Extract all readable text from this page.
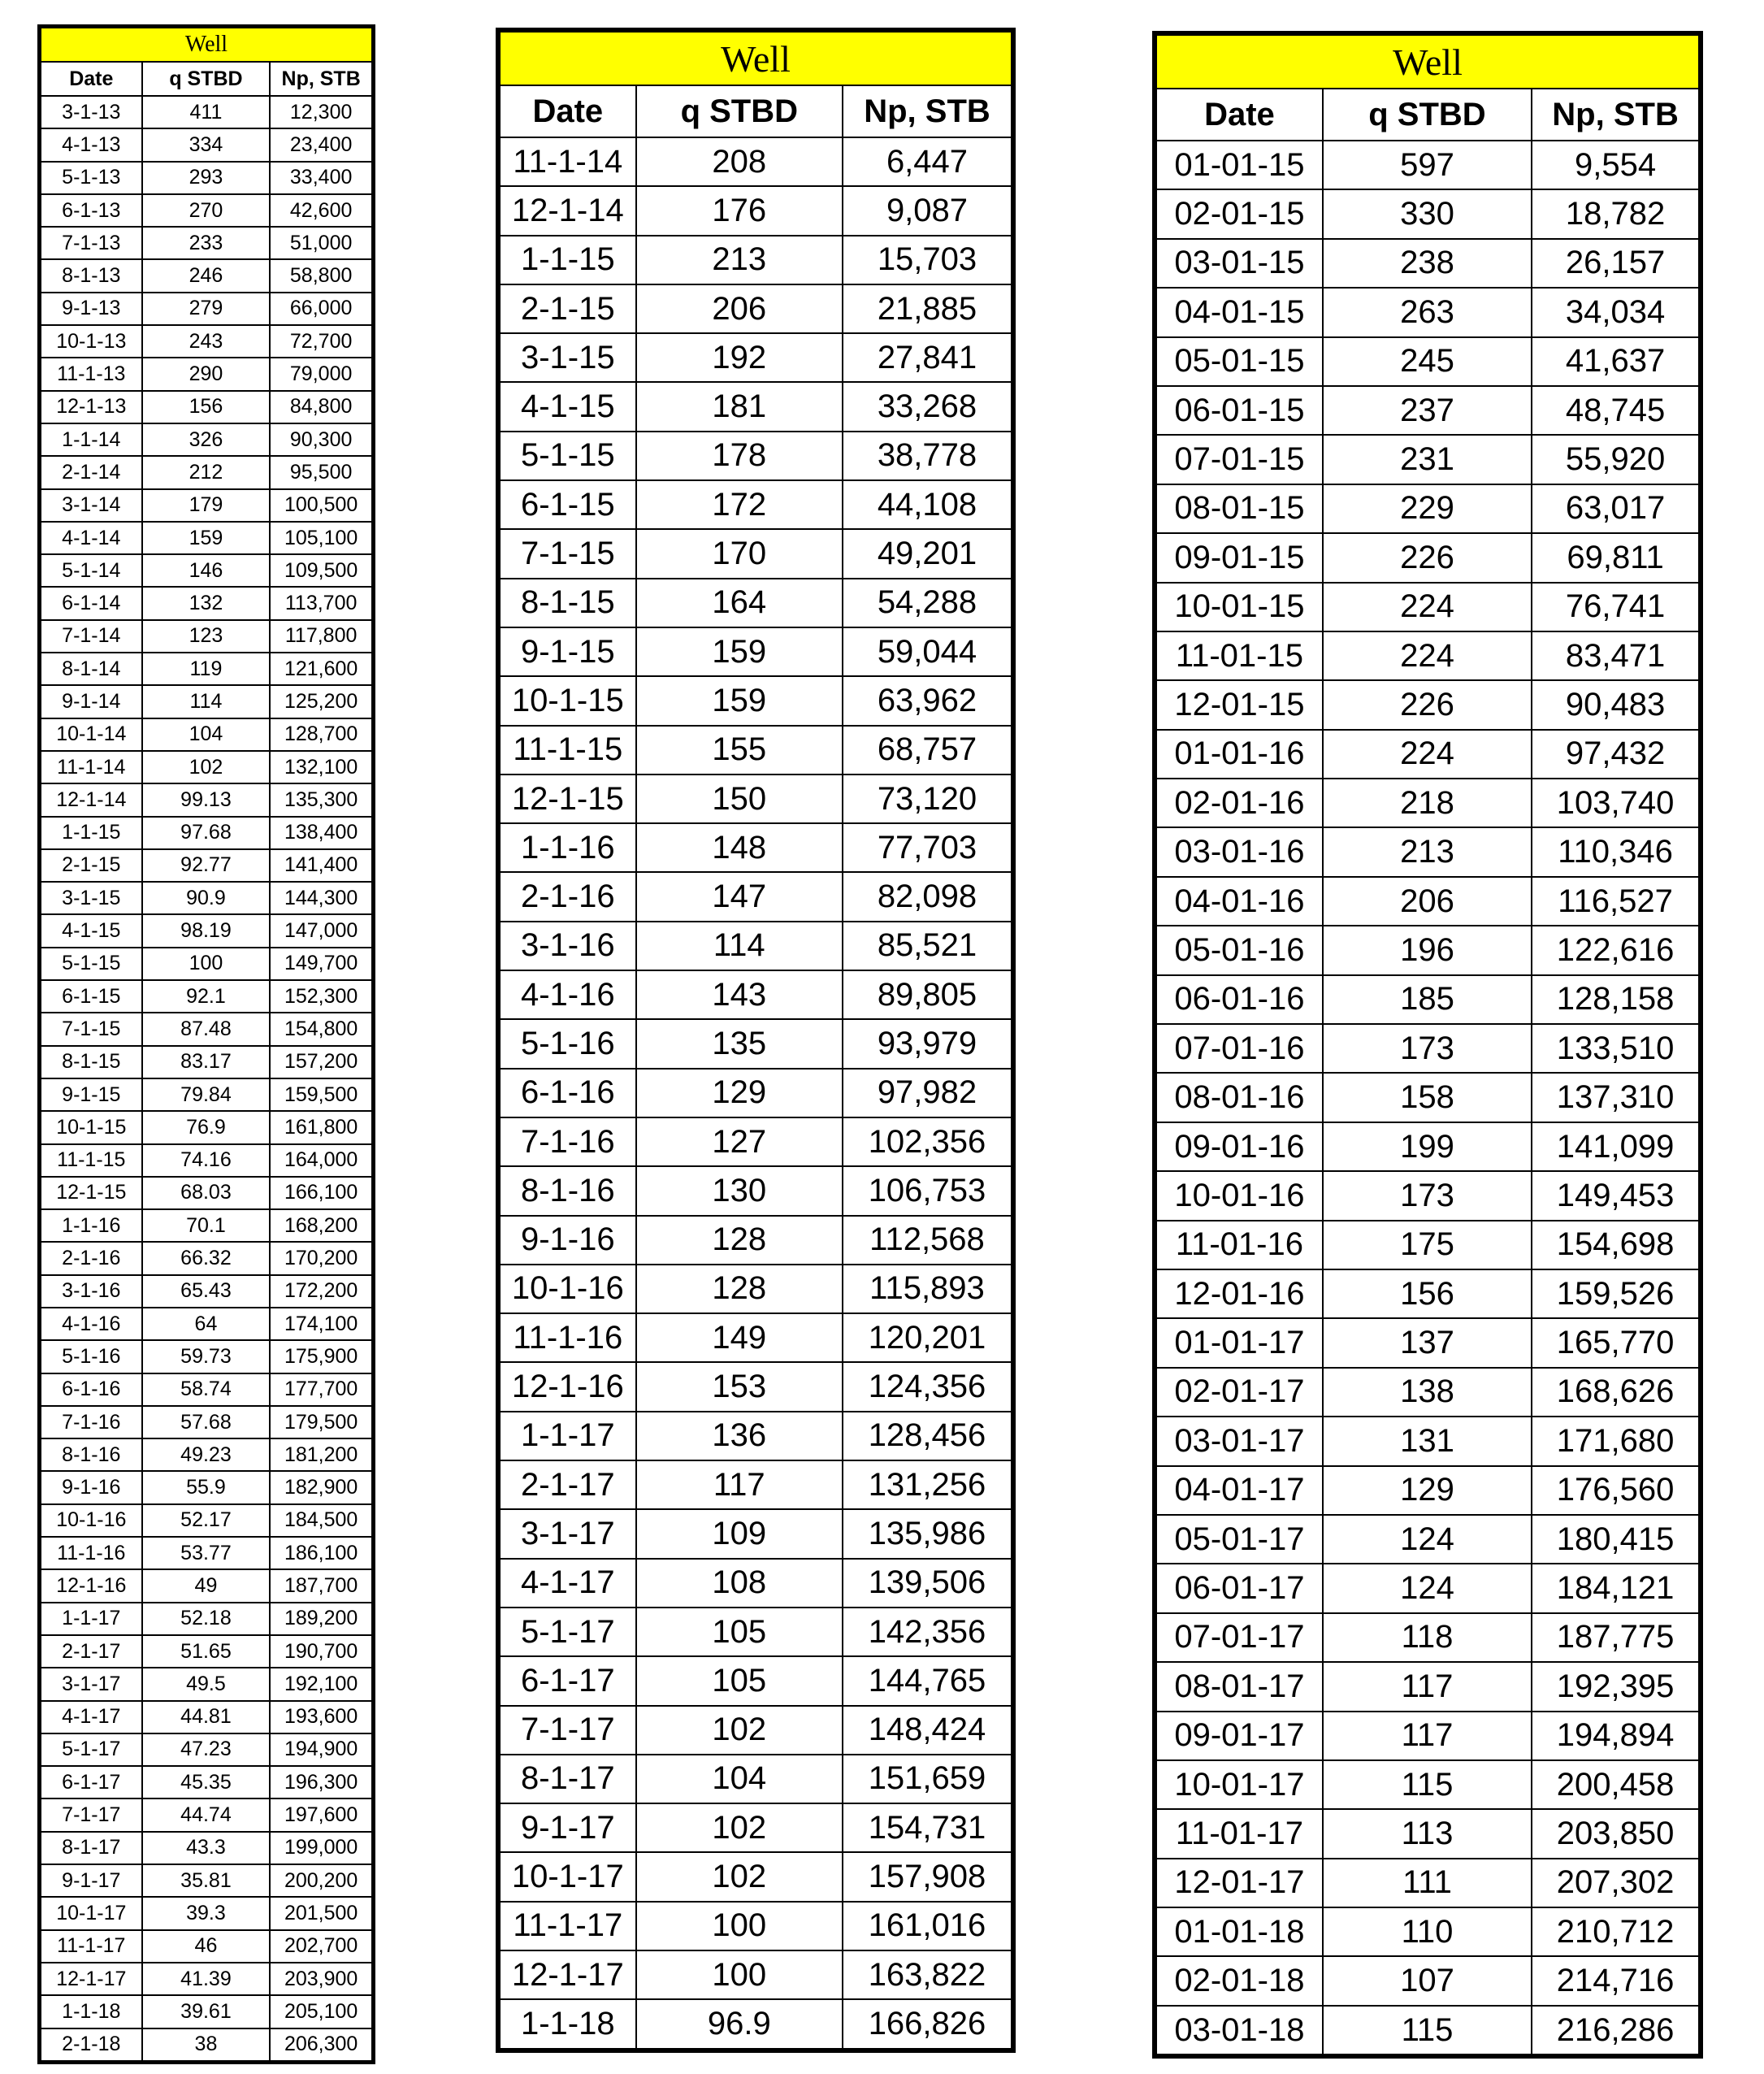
Well		
Date	q STBD	Np, STB
3-1-13	411	12,300
4-1-13	334	23,400
5-1-13	293	33,400
6-1-13	270	42,600
7-1-13	233	51,000
8-1-13	246	58,800
9-1-13	279	66,000
10-1-13	243	72,700
11-1-13	290	79,000
12-1-13	156	84,800
1-1-14	326	90,300
2-1-14	212	95,500
3-1-14	179	100,500
4-1-14	159	105,100
5-1-14	146	109,500
6-1-14	132	113,700
7-1-14	123	117,800
8-1-14	119	121,600
9-1-14	114	125,200
10-1-14	104	128,700
11-1-14	102	132,100
12-1-14	99.13	135,300
1-1-15	97.68	138,400
2-1-15	92.77	141,400
3-1-15	90.9	144,300
4-1-15	98.19	147,000
5-1-15	100	149,700
6-1-15	92.1	152,300
7-1-15	87.48	154,800
8-1-15	83.17	157,200
9-1-15	79.84	159,500
10-1-15	76.9	161,800
11-1-15	74.16	164,000
12-1-15	68.03	166,100
1-1-16	70.1	168,200
2-1-16	66.32	170,200
3-1-16	65.43	172,200
4-1-16	64	174,100
5-1-16	59.73	175,900
6-1-16	58.74	177,700
7-1-16	57.68	179,500
8-1-16	49.23	181,200
9-1-16	55.9	182,900
10-1-16	52.17	184,500
11-1-16	53.77	186,100
12-1-16	49	187,700
1-1-17	52.18	189,200
2-1-17	51.65	190,700
3-1-17	49.5	192,100
4-1-17	44.81	193,600
5-1-17	47.23	194,900
6-1-17	45.35	196,300
7-1-17	44.74	197,600
8-1-17	43.3	199,000
9-1-17	35.81	200,200
10-1-17	39.3	201,500
11-1-17	46	202,700
12-1-17	41.39	203,900
1-1-18	39.61	205,100
2-1-18	38	206,300
Well		
Date	q STBD	Np, STB
11-1-14	208	6,447
12-1-14	176	9,087
1-1-15	213	15,703
2-1-15	206	21,885
3-1-15	192	27,841
4-1-15	181	33,268
5-1-15	178	38,778
6-1-15	172	44,108
7-1-15	170	49,201
8-1-15	164	54,288
9-1-15	159	59,044
10-1-15	159	63,962
11-1-15	155	68,757
12-1-15	150	73,120
1-1-16	148	77,703
2-1-16	147	82,098
3-1-16	114	85,521
4-1-16	143	89,805
5-1-16	135	93,979
6-1-16	129	97,982
7-1-16	127	102,356
8-1-16	130	106,753
9-1-16	128	112,568
10-1-16	128	115,893
11-1-16	149	120,201
12-1-16	153	124,356
1-1-17	136	128,456
2-1-17	117	131,256
3-1-17	109	135,986
4-1-17	108	139,506
5-1-17	105	142,356
6-1-17	105	144,765
7-1-17	102	148,424
8-1-17	104	151,659
9-1-17	102	154,731
10-1-17	102	157,908
11-1-17	100	161,016
12-1-17	100	163,822
1-1-18	96.9	166,826
Well		
Date	q STBD	Np, STB
01-01-15	597	9,554
02-01-15	330	18,782
03-01-15	238	26,157
04-01-15	263	34,034
05-01-15	245	41,637
06-01-15	237	48,745
07-01-15	231	55,920
08-01-15	229	63,017
09-01-15	226	69,811
10-01-15	224	76,741
11-01-15	224	83,471
12-01-15	226	90,483
01-01-16	224	97,432
02-01-16	218	103,740
03-01-16	213	110,346
04-01-16	206	116,527
05-01-16	196	122,616
06-01-16	185	128,158
07-01-16	173	133,510
08-01-16	158	137,310
09-01-16	199	141,099
10-01-16	173	149,453
11-01-16	175	154,698
12-01-16	156	159,526
01-01-17	137	165,770
02-01-17	138	168,626
03-01-17	131	171,680
04-01-17	129	176,560
05-01-17	124	180,415
06-01-17	124	184,121
07-01-17	118	187,775
08-01-17	117	192,395
09-01-17	117	194,894
10-01-17	115	200,458
11-01-17	113	203,850
12-01-17	111	207,302
01-01-18	110	210,712
02-01-18	107	214,716
03-01-18	115	216,286
